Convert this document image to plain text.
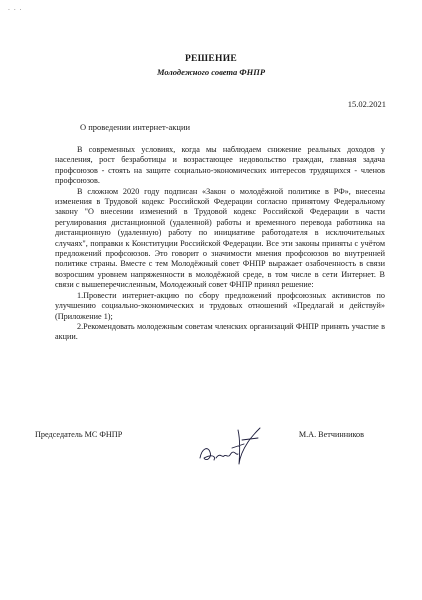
· · ·
РЕШЕНИЕ
Молодежного совета ФНПР
15.02.2021
О проведении интернет-акции

В современных условиях, когда мы наблюдаем снижение реальных доходов у населения, рост безработицы и возрастающее недовольство граждан, главная задача профсоюзов - стоять на защите социально-экономических интересов трудящихся - членов профсоюзов.

В сложном 2020 году подписан «Закон о молодёжной политике в РФ», внесены изменения в Трудовой кодекс Российской Федерации согласно принятому Федеральному закону "О внесении изменений в Трудовой кодекс Российской Федерации в части регулирования дистанционной (удаленной) работы и временного перевода работника на дистанционную (удаленную) работу по инициативе работодателя в исключительных случаях", поправки к Конституции Российской Федерации. Все эти законы приняты с учётом предложений профсоюзов. Это говорит о значимости мнения профсоюзов во внутренней политике страны. Вместе с тем Молодёжный совет ФНПР выражает озабоченность в связи возросшим уровнем напряженности в молодёжной среде, в том числе в сети Интернет. В связи с вышеперечисленным, Молодежный совет ФНПР принял решение:

1.Провести интернет-акцию по сбору предложений профсоюзных активистов по улучшению социально-экономических и трудовых отношений «Предлагай и действуй» (Приложение 1);

2.Рекомендовать молодежным советам членских организаций ФНПР принять участие в акции.

Председатель МС ФНПР	М.А. Ветчинников
